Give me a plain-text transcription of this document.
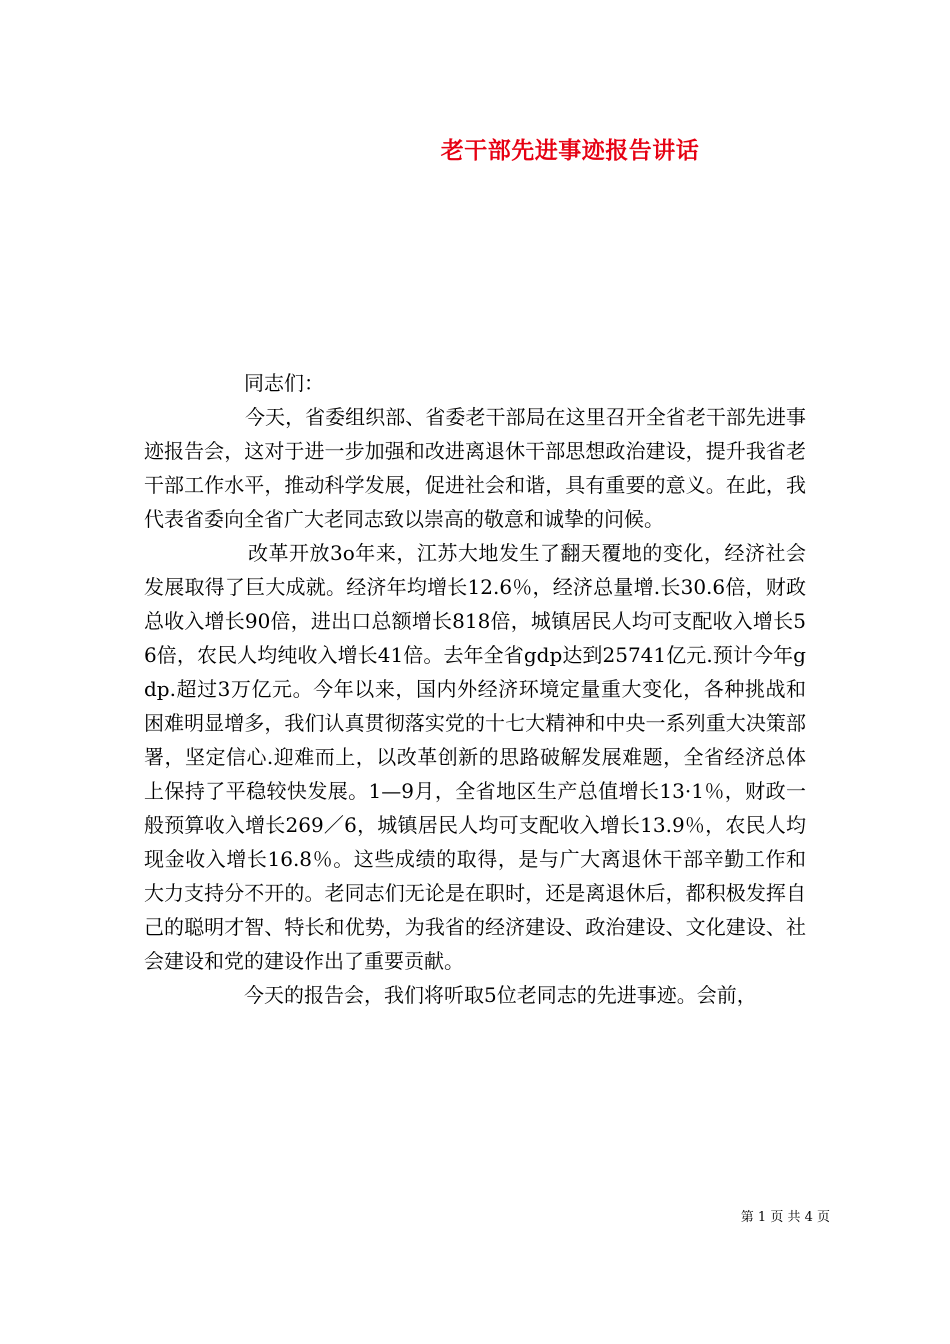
老干部先进事迹报告讲话

同志们：

今天，省委组织部、省委老干部局在这里召开全省老干部先进事迹报告会，这对于进一步加强和改进离退休干部思想政治建设，提升我省老干部工作水平，推动科学发展，促进社会和谐，具有重要的意义。在此，我代表省委向全省广大老同志致以崇高的敬意和诚挚的问候。

改革开放3o年来，江苏大地发生了翻天覆地的变化，经济社会发展取得了巨大成就。经济年均增长12.6％，经济总量增.长30.6倍，财政总收入增长90倍，进出口总额增长818倍，城镇居民人均可支配收入增长56倍，农民人均纯收入增长41倍。去年全省gdp达到25741亿元.预计今年gdp.超过3万亿元。今年以来，国内外经济环境定量重大变化，各种挑战和困难明显增多，我们认真贯彻落实党的十七大精神和中央一系列重大决策部署，坚定信心.迎难而上，以改革创新的思路破解发展难题，全省经济总体上保持了平稳较快发展。1—9月，全省地区生产总值增长13·1％，财政一般预算收入增长269／6，城镇居民人均可支配收入增长13.9％，农民人均现金收入增长16.8％。这些成绩的取得，是与广大离退休干部辛勤工作和大力支持分不开的。老同志们无论是在职时，还是离退休后，都积极发挥自己的聪明才智、特长和优势，为我省的经济建设、政治建设、文化建设、社会建设和党的建设作出了重要贡献。

今天的报告会，我们将听取5位老同志的先进事迹。会前，

第 1 页 共 4 页
